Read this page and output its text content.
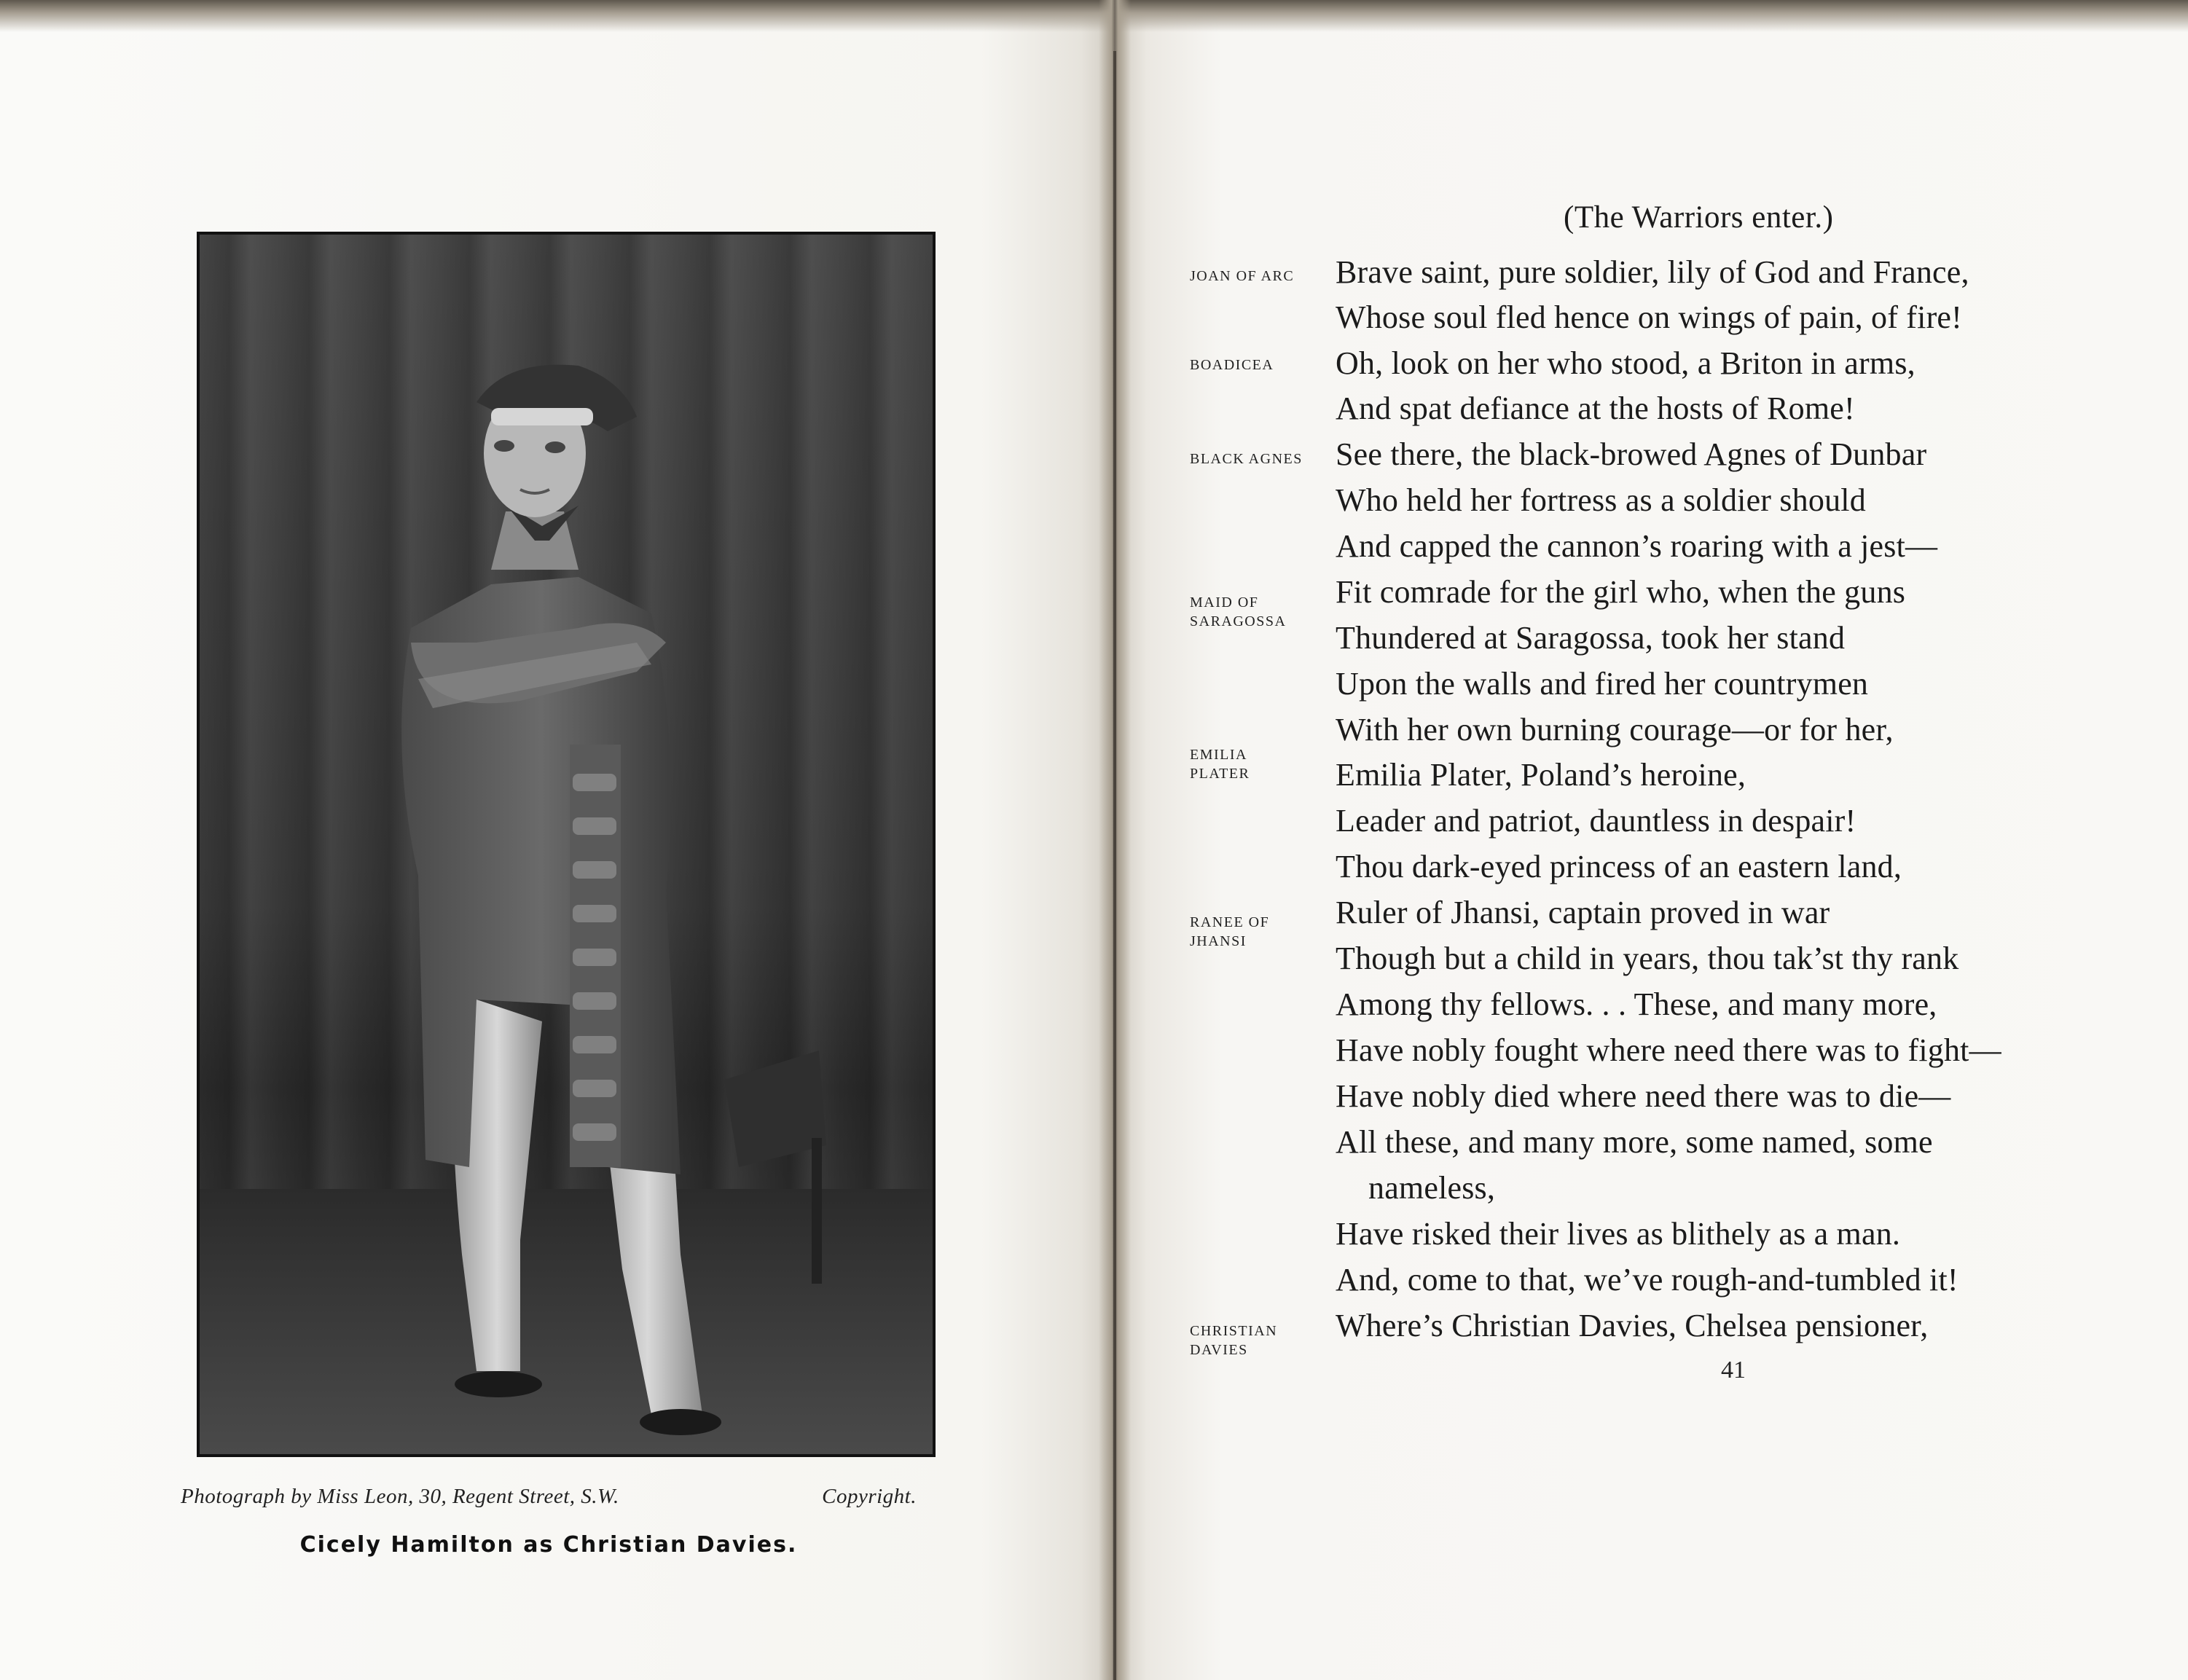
Photograph by Miss Leon, 30, Regent Street, S.W.	Copyright.
Cicely Hamilton as Christian Davies.
(The Warriors enter.)
JOAN OF ARC
BOADICEA
BLACK AGNES
MAID OF SARAGOSSA
EMILIA PLATER
RANEE OF JHANSI
CHRISTIAN DAVIES
Brave saint, pure soldier, lily of God and France,
Whose soul fled hence on wings of pain, of fire!
Oh, look on her who stood, a Briton in arms,
And spat defiance at the hosts of Rome!
See there, the black-browed Agnes of Dunbar
Who held her fortress as a soldier should
And capped the cannon’s roaring with a jest—
Fit comrade for the girl who, when the guns
Thundered at Saragossa, took her stand
Upon the walls and fired her countrymen
With her own burning courage—or for her,
Emilia Plater, Poland’s heroine,
Leader and patriot, dauntless in despair!
Thou dark-eyed princess of an eastern land,
Ruler of Jhansi, captain proved in war
Though but a child in years, thou tak’st thy rank
Among thy fellows. . . These, and many more,
Have nobly fought where need there was to fight—
Have nobly died where need there was to die—
All these, and many more, some named, some
nameless,
Have risked their lives as blithely as a man.
And, come to that, we’ve rough-and-tumbled it!
Where’s Christian Davies, Chelsea pensioner,
41
